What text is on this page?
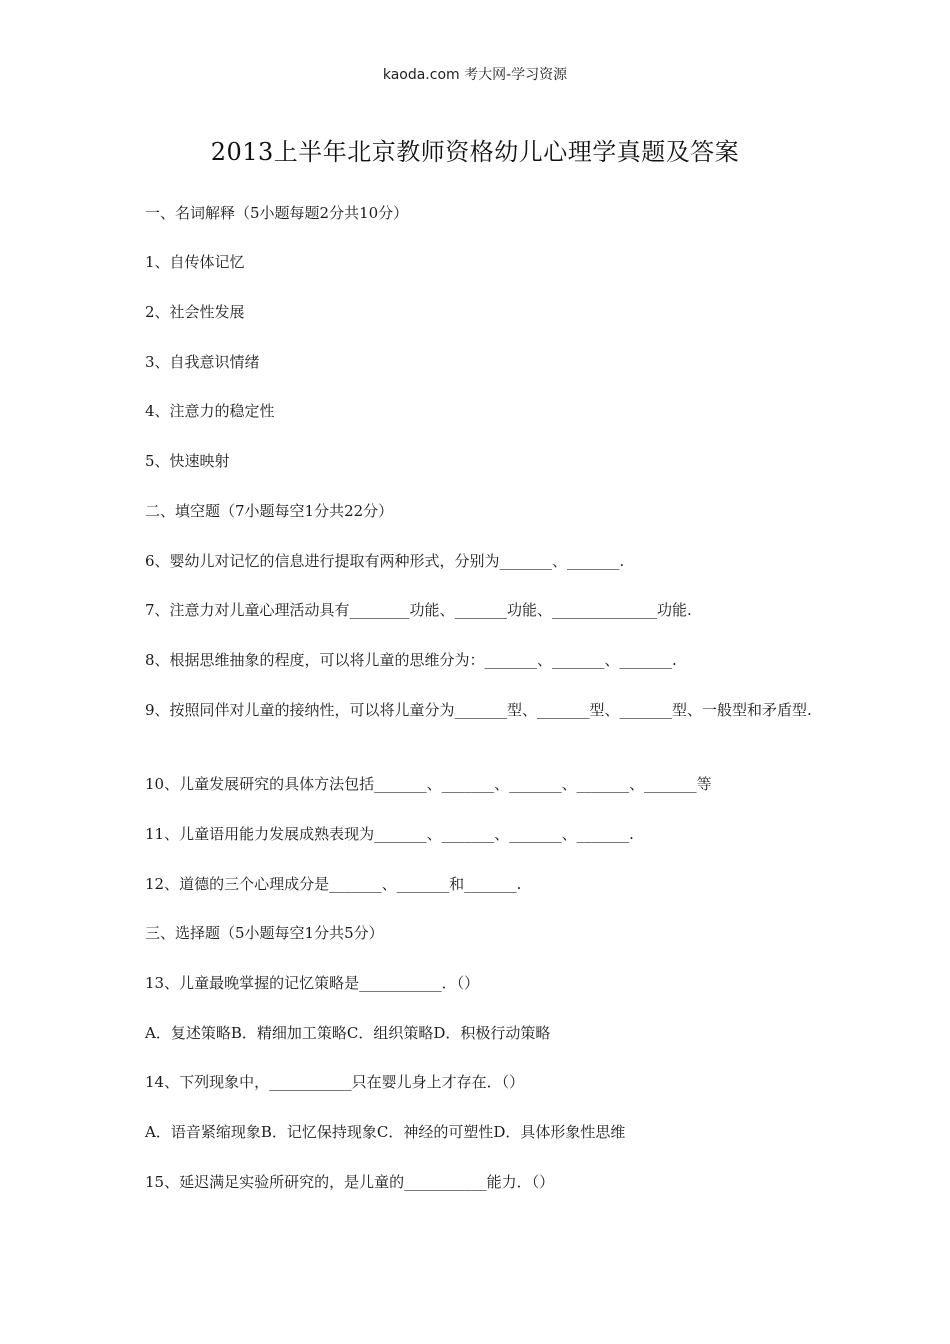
kaoda.com 考大网-学习资源
2013上半年北京教师资格幼儿心理学真题及答案
一、名词解释（5小题每题2分共10分）
1、自传体记忆
2、社会性发展
3、自我意识情绪
4、注意力的稳定性
5、快速映射
二、填空题（7小题每空1分共22分）
6、婴幼儿对记忆的信息进行提取有两种形式，分别为_______、_______.
7、注意力对儿童心理活动具有________功能、_______功能、______________功能.
8、根据思维抽象的程度，可以将儿童的思维分为：_______、_______、_______.
9、按照同伴对儿童的接纳性，可以将儿童分为_______型、_______型、_______型、一般型和矛盾型.
10、儿童发展研究的具体方法包括_______、_______、_______、_______、_______等
11、儿童语用能力发展成熟表现为_______、_______、_______、_______.
12、道德的三个心理成分是_______、_______和_______.
三、选择题（5小题每空1分共5分）
13、儿童最晚掌握的记忆策略是___________．（）
A．复述策略B．精细加工策略C．组织策略D．积极行动策略
14、下列现象中，___________只在婴儿身上才存在．（）
A．语音紧缩现象B．记忆保持现象C．神经的可塑性D．具体形象性思维
15、延迟满足实验所研究的，是儿童的___________能力．（）
